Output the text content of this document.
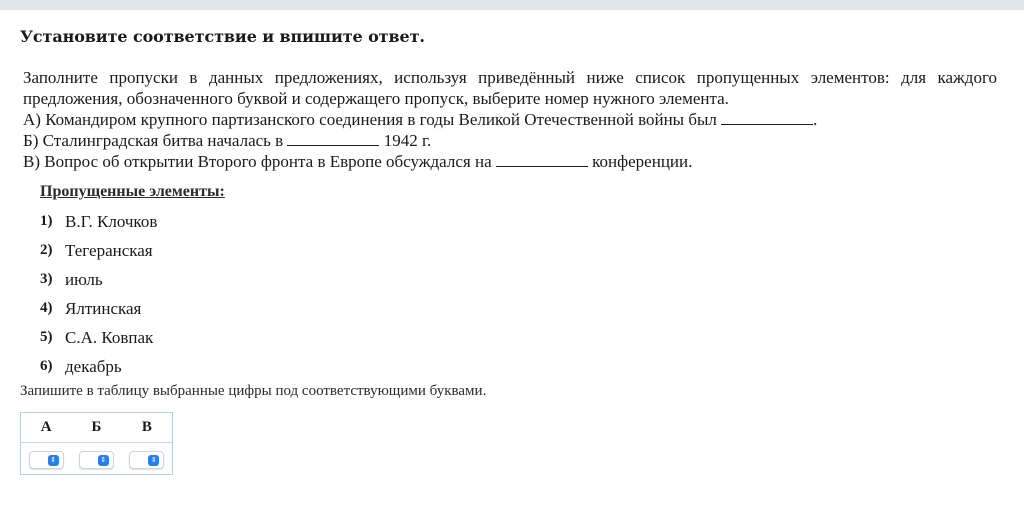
Установите соответствие и впишите ответ.

Заполните пропуски в данных предложениях, используя приведённый ниже список пропущенных элементов: для каждого предложения, обозначенного буквой и содержащего пропуск, выберите номер нужного элемента.

А) Командиром крупного партизанского соединения в годы Великой Отечественной войны был	.

Б) Сталинградская битва началась в	1942 г.

В) Вопрос об открытии Второго фронта в Европе обсуждался на	конференции.

Пропущенные элементы:
1) В.Г. Клочков
2) Тегеранская
3) июль
4) Ялтинская
5) С.А. Ковпак
6) декабрь
Запишите в таблицу выбранные цифры под соответствующими буквами.
А	Б	В
⇕	⇕	⇕
